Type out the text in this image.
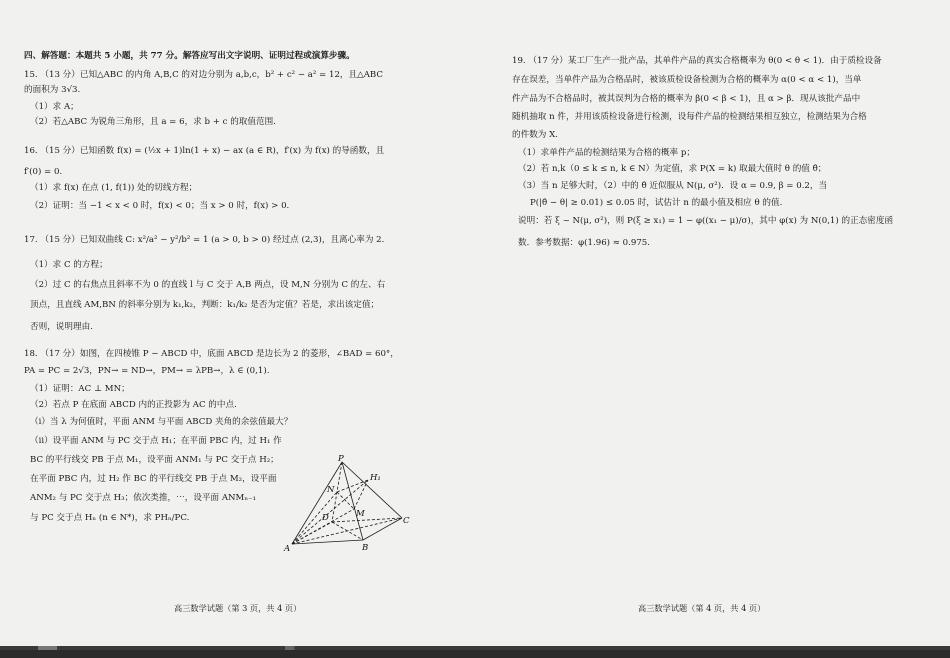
四、解答题：本题共 5 小题，共 77 分。解答应写出文字说明、证明过程或演算步骤。
15. （13 分）已知△ABC 的内角 A,B,C 的对边分别为 a,b,c，b² + c² − a² = 12，且△ABC
的面积为 3√3.
（1）求 A；
（2）若△ABC 为锐角三角形，且 a = 6，求 b + c 的取值范围.
16. （15 分）已知函数 f(x) = (½x + 1)ln(1 + x) − ax (a ∈ R)，f′(x) 为 f(x) 的导函数，且
f′(0) = 0.
（1）求 f(x) 在点 (1, f(1)) 处的切线方程；
（2）证明：当 −1 < x < 0 时，f(x) < 0；当 x > 0 时，f(x) > 0.
17. （15 分）已知双曲线 C: x²/a² − y²/b² = 1 (a > 0, b > 0) 经过点 (2,3)，且离心率为 2.
（1）求 C 的方程；
（2）过 C 的右焦点且斜率不为 0 的直线 l 与 C 交于 A,B 两点，设 M,N 分别为 C 的左、右
顶点，且直线 AM,BN 的斜率分别为 k₁,k₂，判断：k₁/k₂ 是否为定值？若是，求出该定值；
否则，说明理由.
18. （17 分）如图，在四棱锥 P − ABCD 中，底面 ABCD 是边长为 2 的菱形，∠BAD = 60°，
PA = PC = 2√3，PN→ = ND→，PM→ = λPB→，λ ∈ (0,1).
（1）证明：AC ⊥ MN；
（2）若点 P 在底面 ABCD 内的正投影为 AC 的中点.
（ⅰ）当 λ 为何值时，平面 ANM 与平面 ABCD 夹角的余弦值最大？
（ⅱ）设平面 ANM 与 PC 交于点 H₁；在平面 PBC 内，过 H₁ 作
BC 的平行线交 PB 于点 M₁，设平面 ANM₁ 与 PC 交于点 H₂；
在平面 PBC 内，过 H₂ 作 BC 的平行线交 PB 于点 M₂，设平面
ANM₂ 与 PC 交于点 H₃；依次类推，⋯，设平面 ANMₙ₋₁
与 PC 交于点 Hₙ (n ∈ N*)，求 PHₙ/PC.
P
H₁
N
D	M
C
A	B
高三数学试题（第 3 页，共 4 页）
19. （17 分）某工厂生产一批产品，其单件产品的真实合格概率为 θ(0 < θ < 1)．由于质检设备
存在误差，当单件产品为合格品时，被该质检设备检测为合格的概率为 α(0 < α < 1)，当单
件产品为不合格品时，被其误判为合格的概率为 β(0 < β < 1)，且 α > β．现从该批产品中
随机抽取 n 件，并用该质检设备进行检测，设每件产品的检测结果相互独立，检测结果为合格
的件数为 X.
（1）求单件产品的检测结果为合格的概率 p；
（2）若 n,k（0 ≤ k ≤ n, k ∈ N）为定值，求 P(X = k) 取最大值时 θ 的值 θ̂；
（3）当 n 足够大时，（2）中的 θ̂ 近似服从 N(μ, σ²)．设 α = 0.9, β = 0.2，当
P(|θ̂ − θ| ≥ 0.01) ≤ 0.05 时，试估计 n 的最小值及相应 θ 的值.
说明：若 ξ ~ N(μ, σ²)，则 P(ξ ≥ x₁) = 1 − φ((x₁ − μ)/σ)，其中 φ(x) 为 N(0,1) 的正态密度函
数．参考数据：φ(1.96) ≈ 0.975.
高三数学试题（第 4 页，共 4 页）
